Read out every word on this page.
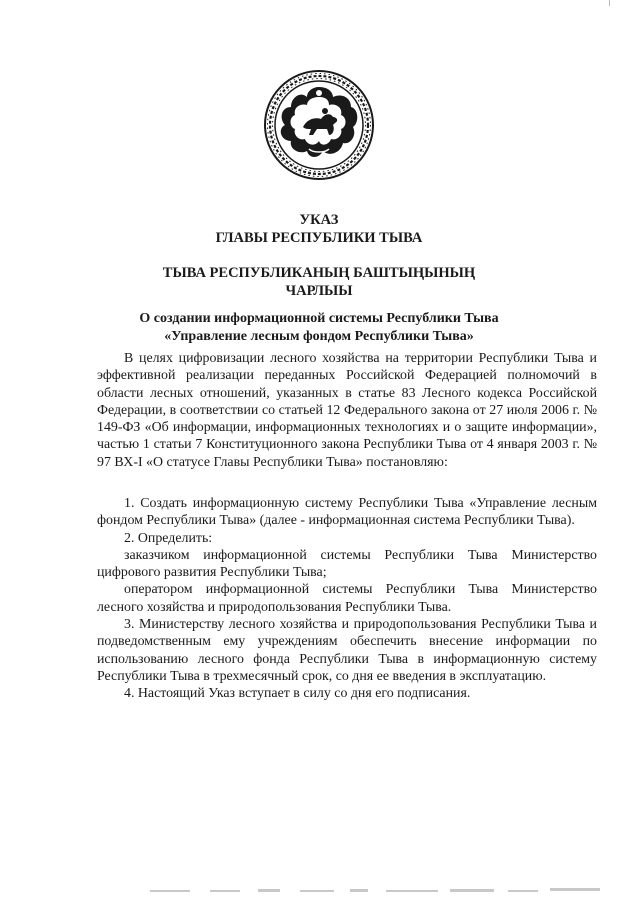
УКАЗ
ГЛАВЫ РЕСПУБЛИКИ ТЫВА
ТЫВА РЕСПУБЛИКАНЫҢ БАШТЫҢЫНЫҢ
ЧАРЛЫЫ
О создании информационной системы Республики Тыва
«Управление лесным фондом Республики Тыва»

В целях цифровизации лесного хозяйства на территории Республики Тыва и эффективной реализации переданных Российской Федерацией полномочий в области лесных отношений, указанных в статье 83 Лесного кодекса Российской Федерации, в соответствии со статьей 12 Федерального закона от 27 июля 2006 г. № 149-ФЗ «Об информации, информационных технологиях и о защите информации», частью 1 статьи 7 Конституционного закона Республики Тыва от 4 января 2003 г. № 97 ВХ-I «О статусе Главы Республики Тыва» постановляю:

1. Создать информационную систему Республики Тыва «Управление лесным фондом Республики Тыва» (далее - информационная система Республики Тыва).

2. Определить:

заказчиком информационной системы Республики Тыва Министерство цифрового развития Республики Тыва;

оператором информационной системы Республики Тыва Министерство лесного хозяйства и природопользования Республики Тыва.

3. Министерству лесного хозяйства и природопользования Республики Тыва и подведомственным ему учреждениям обеспечить внесение информации по использованию лесного фонда Республики Тыва в информационную систему Республики Тыва в трехмесячный срок, со дня ее введения в эксплуатацию.

4. Настоящий Указ вступает в силу со дня его подписания.
